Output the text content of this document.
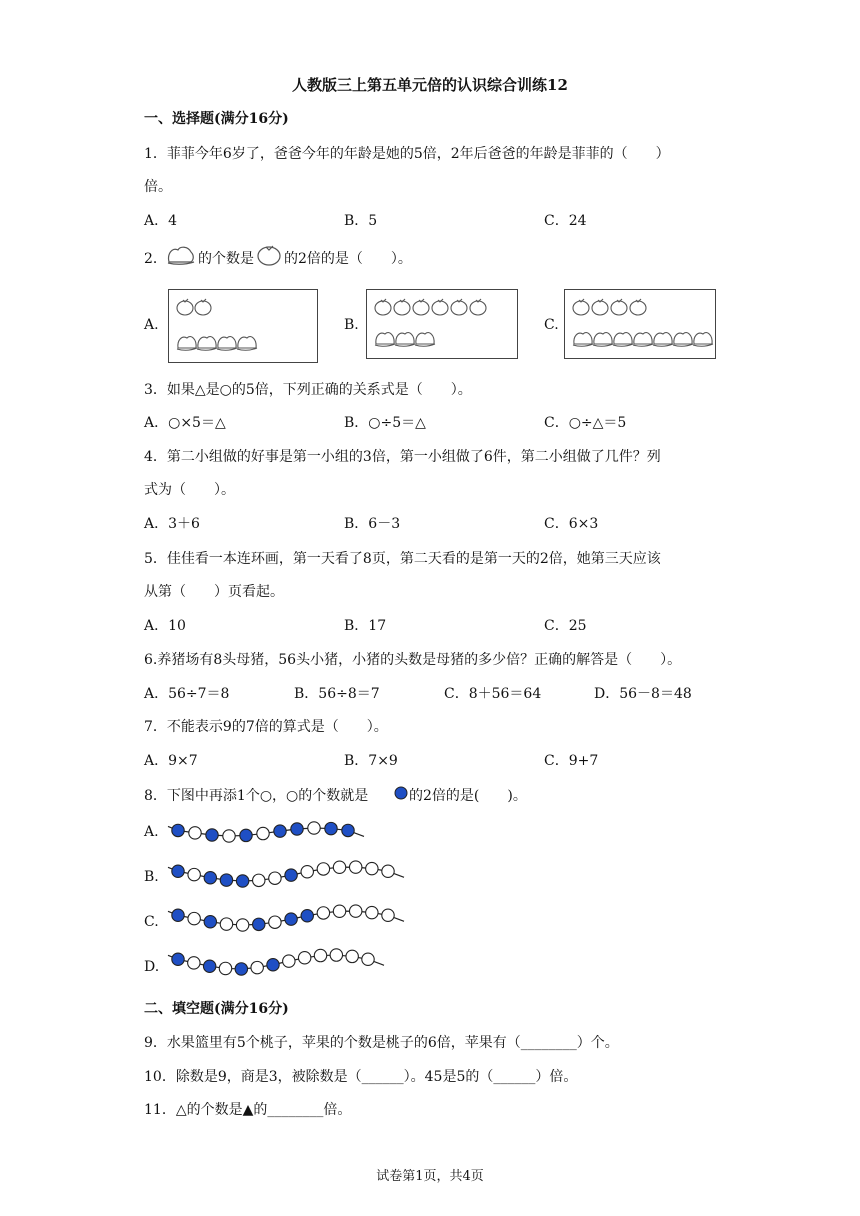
人教版三上第五单元倍的认识综合训练12
一、选择题(满分16分)
1．菲菲今年6岁了，爸爸今年的年龄是她的5倍，2年后爸爸的年龄是菲菲的（　　）
倍。
A．4	B．5	C．24
2． 的个数是 的2倍的是（　　）。
A.	B.	C.
3．如果△是○的5倍，下列正确的关系式是（　　）。
A．○×5＝△	B．○÷5＝△	C．○÷△＝5
4．第二小组做的好事是第一小组的3倍，第一小组做了6件，第二小组做了几件？列
式为（　　）。
A．3＋6	B．6－3	C．6×3
5．佳佳看一本连环画，第一天看了8页，第二天看的是第一天的2倍，她第三天应该
从第（　　）页看起。
A．10	B．17	C．25
6.养猪场有8头母猪，56头小猪，小猪的头数是母猪的多少倍？正确的解答是（　　）。
A．56÷7＝8	B．56÷8＝7	C．8＋56＝64	D．56－8＝48
7．不能表示9的7倍的算式是（　　）。
A．9×7	B．7×9	C．9+7
8．下图中再添1个○，○的个数就是	的2倍的是(　　)。
A.
B.
C.
D.
二、填空题(满分16分)
9．水果篮里有5个桃子，苹果的个数是桃子的6倍，苹果有（________）个。
10．除数是9，商是3，被除数是（______）。45是5的（______）倍。
11．△的个数是▲的________倍。
试卷第1页，共4页
